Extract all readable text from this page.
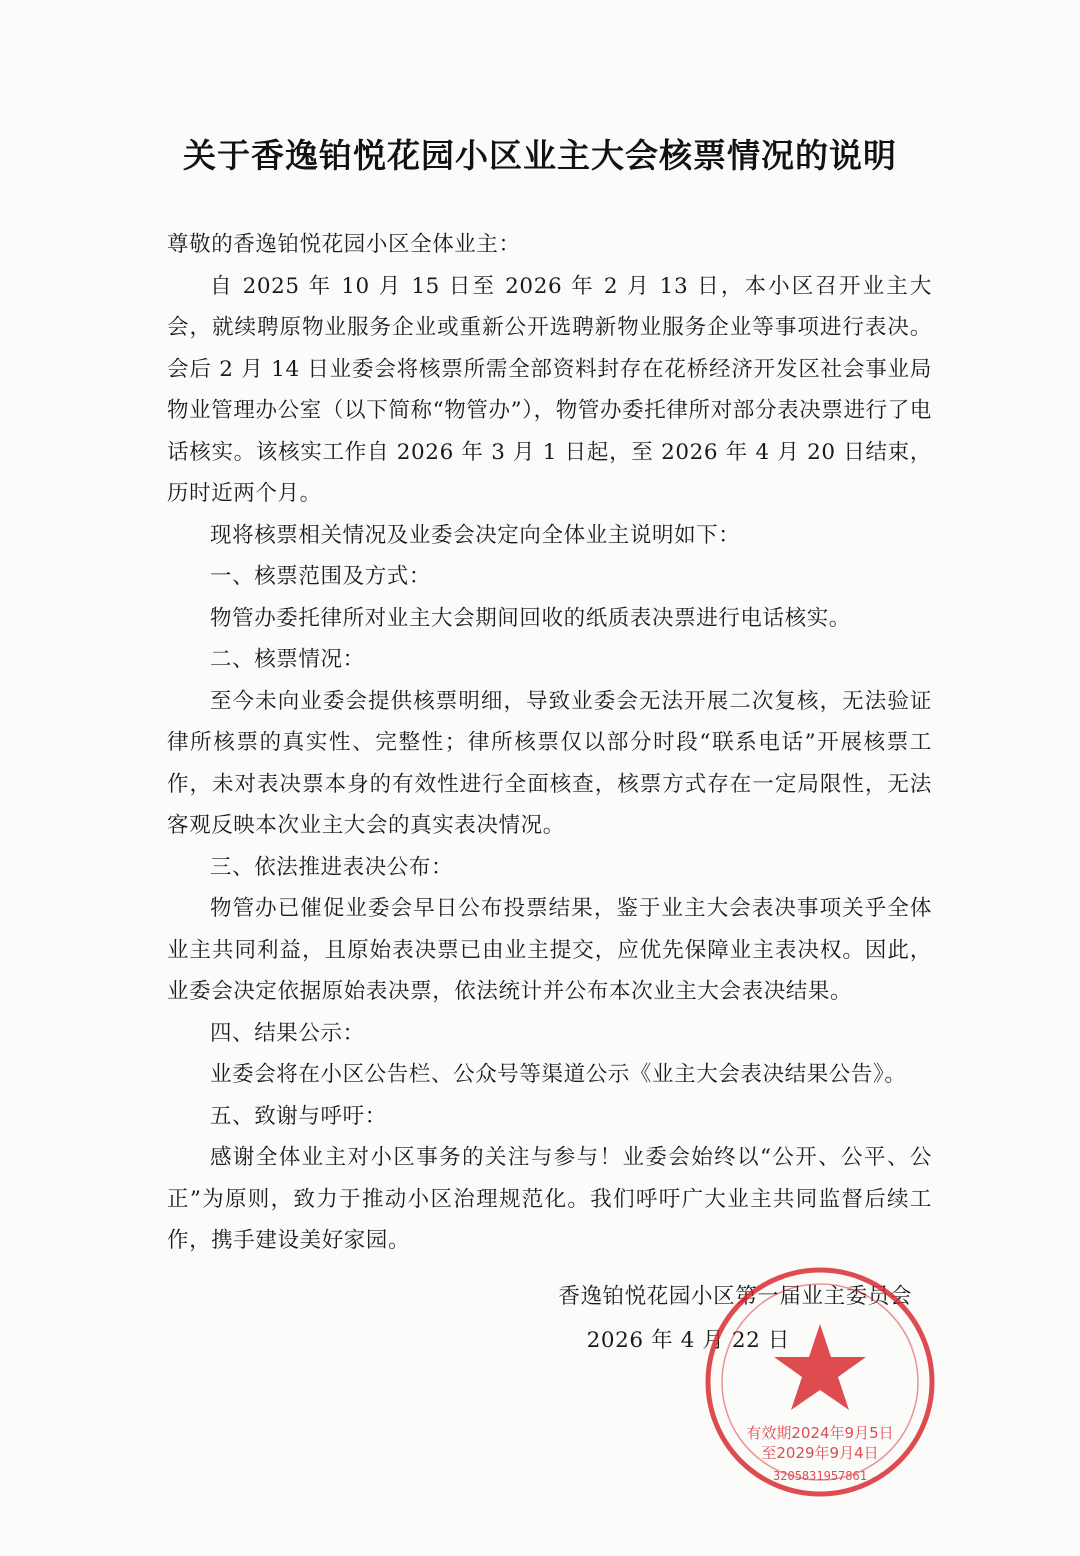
关于香逸铂悦花园小区业主大会核票情况的说明

尊敬的香逸铂悦花园小区全体业主：

自 2025 年 10 月 15 日至 2026 年 2 月 13 日，本小区召开业主大会，就续聘原物业服务企业或重新公开选聘新物业服务企业等事项进行表决。会后 2 月 14 日业委会将核票所需全部资料封存在花桥经济开发区社会事业局物业管理办公室（以下简称“物管办”），物管办委托律所对部分表决票进行了电话核实。该核实工作自 2026 年 3 月 1 日起，至 2026 年 4 月 20 日结束，历时近两个月。

现将核票相关情况及业委会决定向全体业主说明如下：

一、核票范围及方式：

物管办委托律所对业主大会期间回收的纸质表决票进行电话核实。

二、核票情况：

至今未向业委会提供核票明细，导致业委会无法开展二次复核，无法验证律所核票的真实性、完整性；律所核票仅以部分时段“联系电话”开展核票工作，未对表决票本身的有效性进行全面核查，核票方式存在一定局限性，无法客观反映本次业主大会的真实表决情况。

三、依法推进表决公布：

物管办已催促业委会早日公布投票结果，鉴于业主大会表决事项关乎全体业主共同利益，且原始表决票已由业主提交，应优先保障业主表决权。因此，业委会决定依据原始表决票，依法统计并公布本次业主大会表决结果。

四、结果公示：

业委会将在小区公告栏、公众号等渠道公示《业主大会表决结果公告》。

五、致谢与呼吁：

感谢全体业主对小区事务的关注与参与！业委会始终以“公开、公平、公正”为原则，致力于推动小区治理规范化。我们呼吁广大业主共同监督后续工作，携手建设美好家园。

香逸铂悦花园小区第一届业主委员会
2026 年 4 月 22 日
有效期2024年9月5日
至2029年9月4日
3205831957861
